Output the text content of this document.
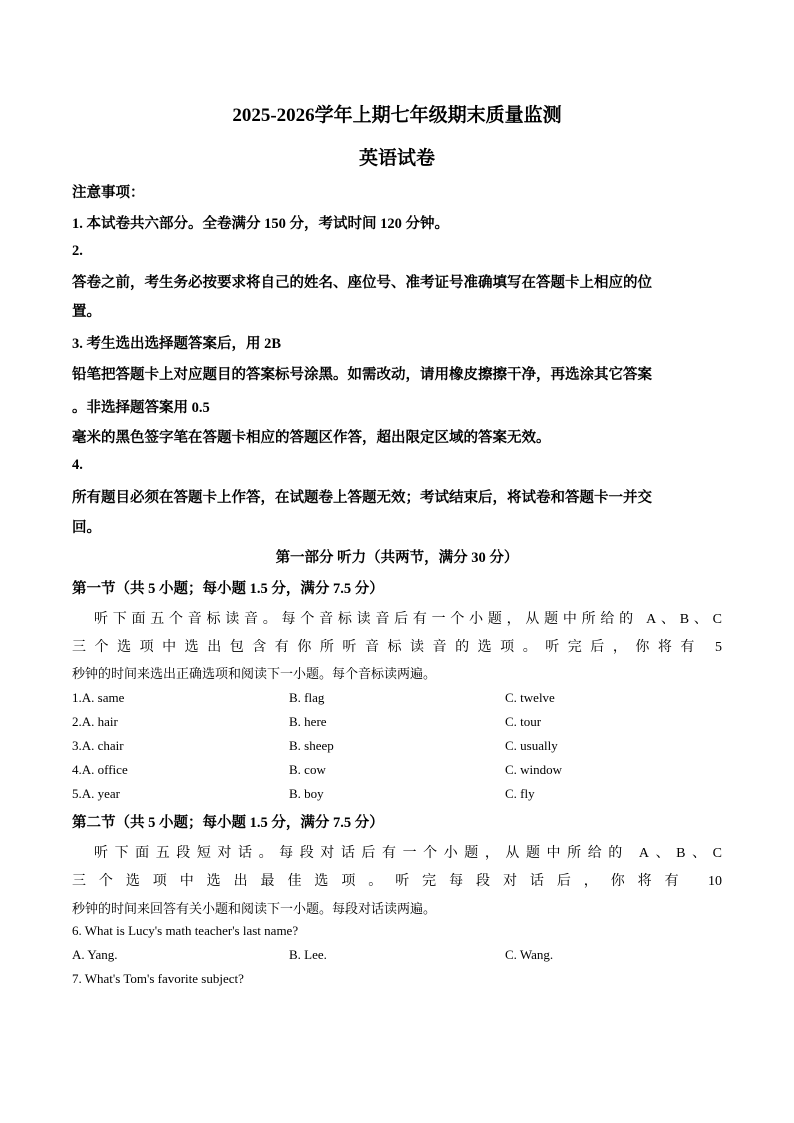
2025-2026学年上期七年级期末质量监测
英语试卷
注意事项：
1. 本试卷共六部分。全卷满分 150 分，考试时间 120 分钟。
2.
答卷之前，考生务必按要求将自己的姓名、座位号、准考证号准确填写在答题卡上相应的位
置。
3. 考生选出选择题答案后，用 2B
铅笔把答题卡上对应题目的答案标号涂黑。如需改动，请用橡皮擦擦干净，再选涂其它答案
。非选择题答案用 0.5
毫米的黑色签字笔在答题卡相应的答题区作答，超出限定区域的答案无效。
4.
所有题目必须在答题卡上作答，在试题卷上答题无效；考试结束后，将试卷和答题卡一并交
回。
第一部分 听力（共两节，满分 30 分）
第一节（共 5 小题；每小题 1.5 分，满分 7.5 分）
听下面五个音标读音。每个音标读音后有一个小题，从题中所给的 A、B、C
三个选项中选出包含有你所听音标读音的选项。听完后，你将有 5
秒钟的时间来选出正确选项和阅读下一小题。每个音标读两遍。
1.A. same	B. flag	C. twelve
2.A. hair	B. here	C. tour
3.A. chair	B. sheep	C. usually
4.A. office	B. cow	C. window
5.A. year	B. boy	C. fly
第二节（共 5 小题；每小题 1.5 分，满分 7.5 分）
听下面五段短对话。每段对话后有一个小题，从题中所给的 A、B、C
三个选项中选出最佳选项。听完每段对话后，你将有 10
秒钟的时间来回答有关小题和阅读下一小题。每段对话读两遍。
6. What is Lucy's math teacher's last name?
A. Yang.	B. Lee.	C. Wang.
7. What's Tom's favorite subject?
